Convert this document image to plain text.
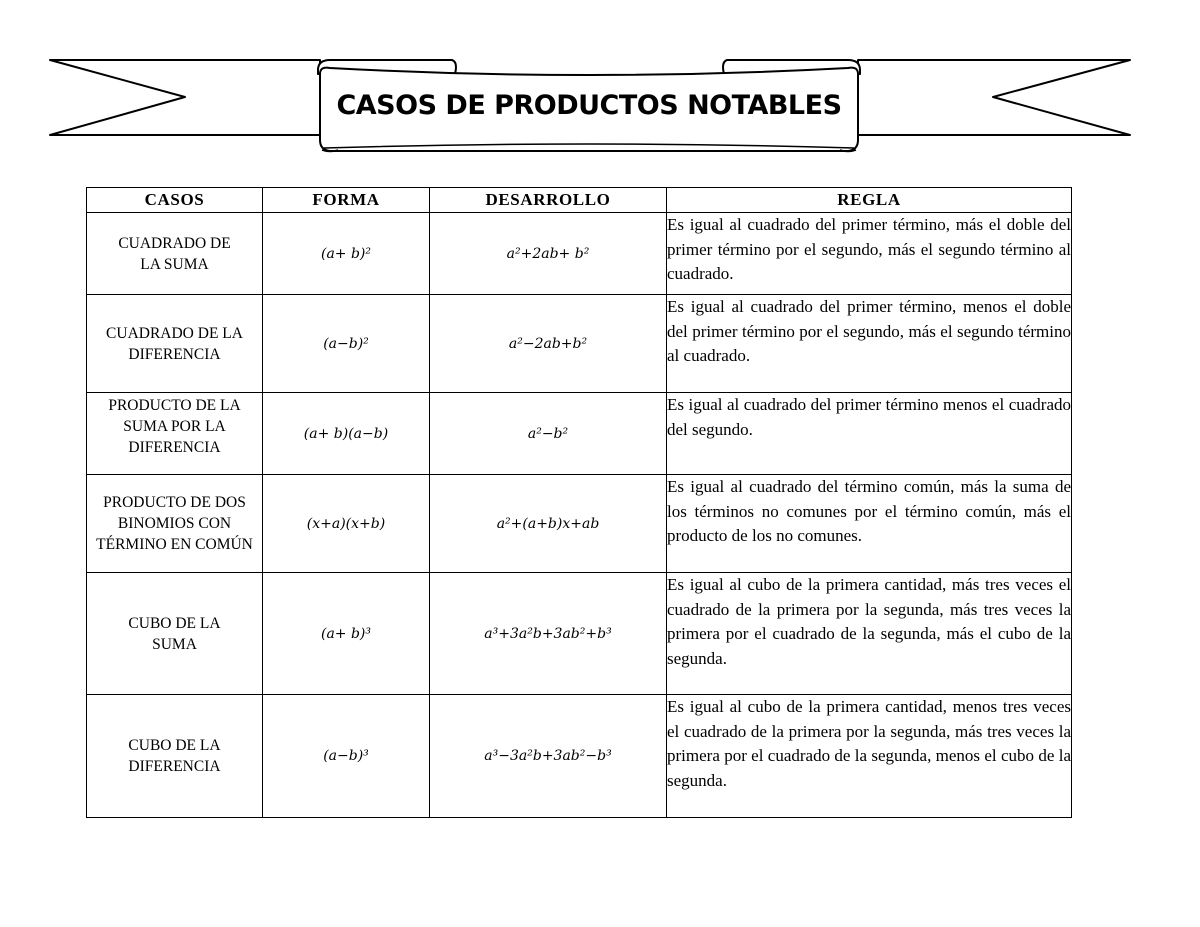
CASOS DE PRODUCTOS NOTABLES
CASOS	FORMA	DESARROLLO	REGLA
CUADRADO DE LA SUMA	(a+ b)²	a²+2ab+ b²	Es igual al cuadrado del primer término, más el doble del primer término por el segundo, más el segundo término al cuadrado.
CUADRADO DE LA DIFERENCIA	(a−b)²	a²−2ab+b²	Es igual al cuadrado del primer término, menos el doble del primer término por el segundo, más el segundo término al cuadrado.
PRODUCTO DE LA SUMA POR LA DIFERENCIA	(a+ b)(a−b)	a²−b²	Es igual al cuadrado del primer término menos el cuadrado del segundo.
PRODUCTO DE DOS BINOMIOS CON TÉRMINO EN COMÚN	(x+a)(x+b)	a²+(a+b)x+ab	Es igual al cuadrado del término común, más la suma de los términos no comunes por el término común, más el producto de los no comunes.
CUBO DE LA SUMA	(a+ b)³	a³+3a²b+3ab²+b³	Es igual al cubo de la primera cantidad, más tres veces el cuadrado de la primera por la segunda, más tres veces la primera por el cuadrado de la segunda, más el cubo de la segunda.
CUBO DE LA DIFERENCIA	(a−b)³	a³−3a²b+3ab²−b³	Es igual al cubo de la primera cantidad, menos tres veces el cuadrado de la primera por la segunda, más tres veces la primera por el cuadrado de la segunda, menos el cubo de la segunda.
